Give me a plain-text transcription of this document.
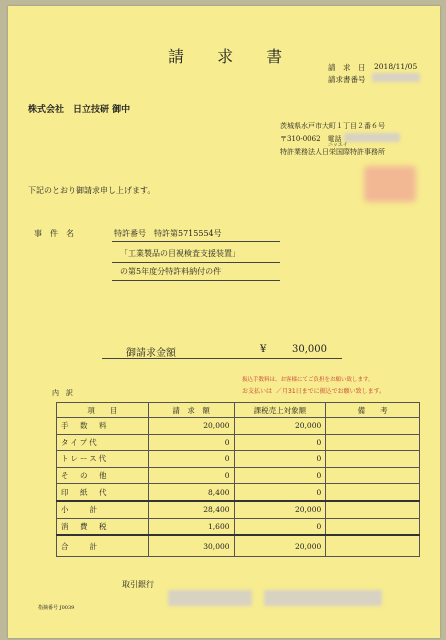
請 求 書
請　求　日 2018/11/05
請求書番号
株式会社　日立技研 御中
茨城県水戸市大町１丁目２番６号
〒310-0062　電話
ニッエイ
特許業務法人日栄国際特許事務所
下記のとおり御請求申し上げます。
事　件　名	特許番号　特許第5715554号
「工業製品の目視検査支援装置」
の第5年度分特許料納付の件
御請求金額	¥	30,000
内　訳
振込手数料は、お客様にてご負担をお願い致します。
お支払いは ／月31日までに振込でお願い致します。
項　　目	請　求　額	課税売上対象額	備　　考
手　数　料	20,000	20,000	
タイプ代	0	0	
トレース代	0	0	
そ　の　他	0	0	
印　紙　代	8,400	0	
小　　計	28,400	20,000	
消　費　税	1,600	0	
合　　計	30,000	20,000	
取引銀行
指摘番号 J0039
